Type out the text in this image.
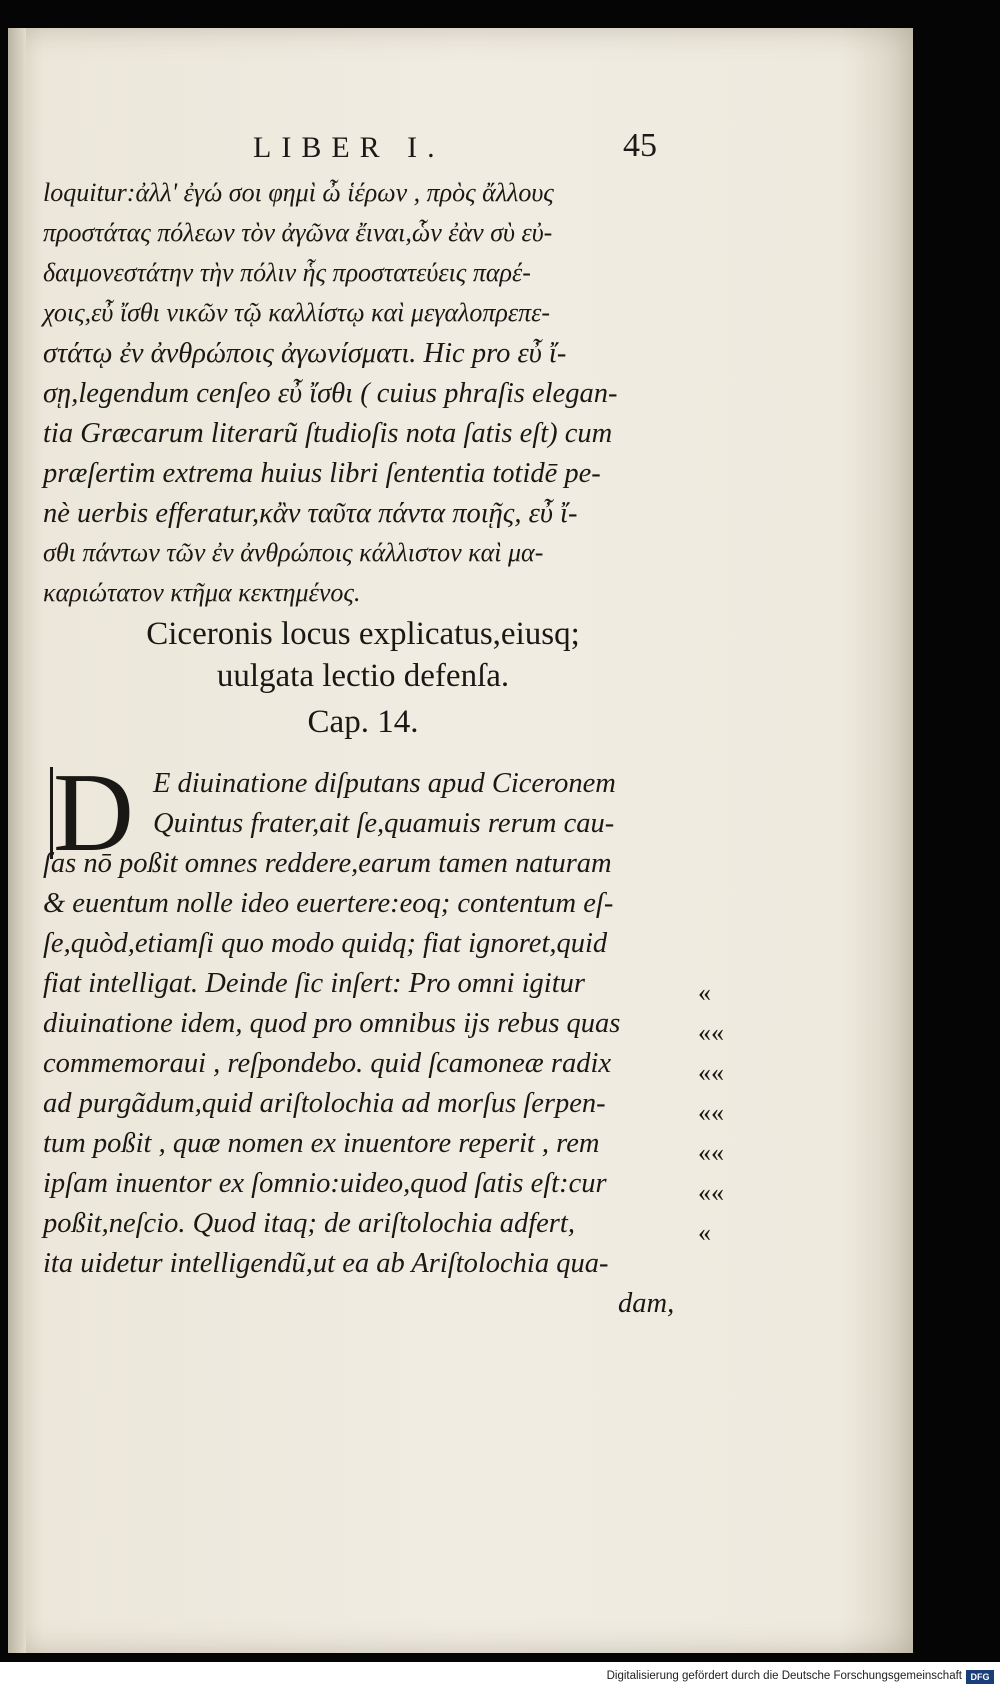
LIBER I.	45
loquitur:ἀλλ' ἐγώ σοι φημὶ ὦ ἱέρων , πρὸς ἄλλους
προστάτας πόλεων τὸν ἀγῶνα ἔιναι,ὧν ἐὰν σὺ εὐ-
δαιμονεστάτην τὴν πόλιν ἧς προστατεύεις παρέ-
χοις,εὖ ἴσθι νικῶν τῷ καλλίστῳ καὶ μεγαλοπρεπε-
στάτῳ ἐν ἀνθρώποις ἀγωνίσματι. Hic pro εὖ ἴ-
σῃ,legendum cenſeo εὖ ἴσθι ( cuius phraſis elegan-
tia Græcarum literarũ ſtudioſis nota ſatis eſt) cum
præſertim extrema huius libri ſententia totidē pe-
nè uerbis efferatur,κἂν ταῦτα πάντα ποιῇς, εὖ ἴ-
σθι πάντων τῶν ἐν ἀνθρώποις κάλλιστον καὶ μα-
καριώτατον κτῆμα κεκτημένος.
Ciceronis locus explicatus,eiusq;
uulgata lectio defenſa.
Cap. 14.
D E diuinatione diſputans apud Ciceronem
Quintus frater,ait ſe,quamuis rerum cau-
ſas nō poßit omnes reddere,earum tamen naturam
& euentum nolle ideo euertere:eoq; contentum eſ-
ſe,quòd,etiamſi quo modo quidq; fiat ignoret,quid
fiat intelligat. Deinde ſic inſert: Pro omni igitur
diuinatione idem, quod pro omnibus ijs rebus quas
commemoraui , reſpondebo. quid ſcamoneæ radix
ad purgãdum,quid ariſtolochia ad morſus ſerpen-
tum poßit , quæ nomen ex inuentore reperit , rem
ipſam inuentor ex ſomnio:uideo,quod ſatis eſt:cur
poßit,neſcio. Quod itaq; de ariſtolochia adfert,
ita uidetur intelligendũ,ut ea ab Ariſtolochia qua-
dam,
«
««
««
««
««
««
«
Digitalisierung gefördert durch die Deutsche Forschungsgemeinschaft DFG
